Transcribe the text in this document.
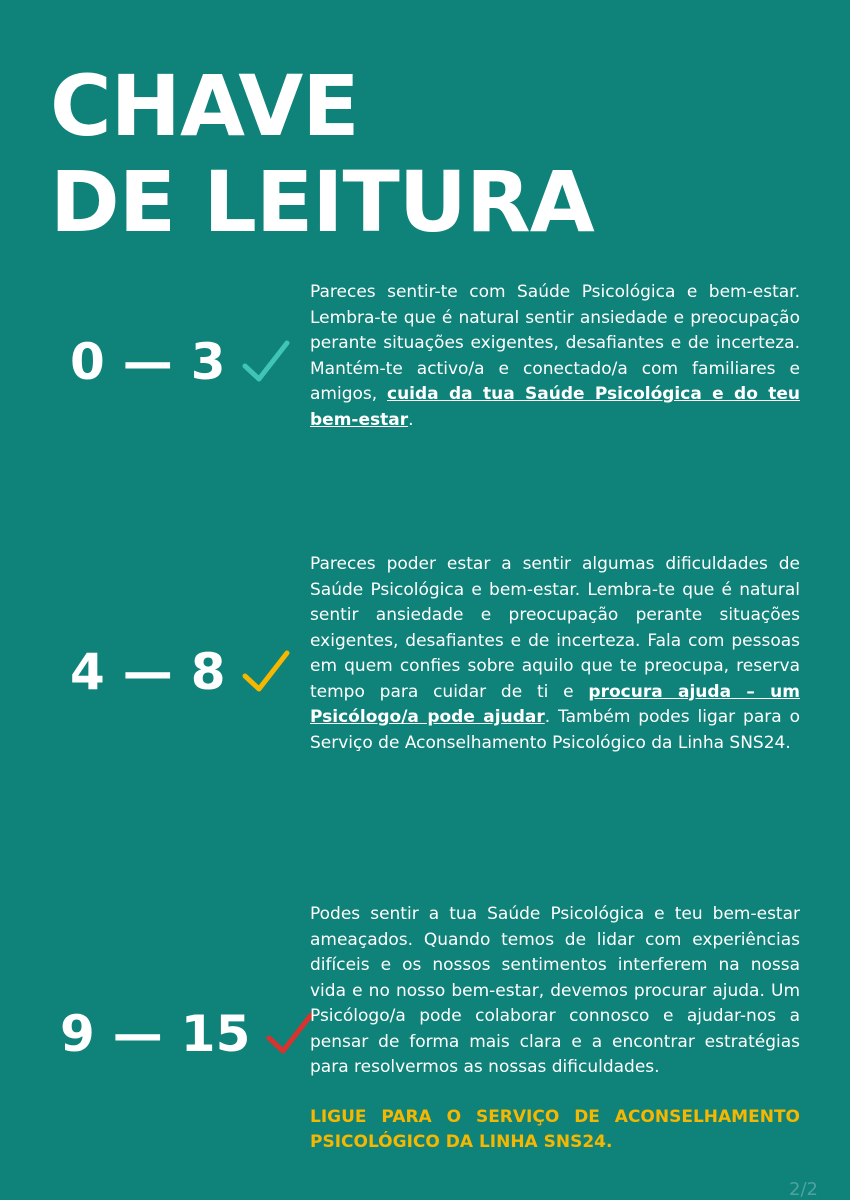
CHAVE
DE LEITURA
0 — 3

Pareces sentir-te com Saúde Psicológica e bem-estar. Lembra-te que é natural sentir ansiedade e preocupação perante situações exigentes, desafiantes e de incerteza. Mantém-te activo/a e conectado/a com familiares e amigos, cuida da tua Saúde Psicológica e do teu bem-estar.

4 — 8

Pareces poder estar a sentir algumas dificuldades de Saúde Psicológica e bem-estar. Lembra-te que é natural sentir ansiedade e preocupação perante situações exigentes, desafiantes e de incerteza. Fala com pessoas em quem confies sobre aquilo que te preocupa, reserva tempo para cuidar de ti e procura ajuda – um Psicólogo/a pode ajudar. Também podes ligar para o Serviço de Aconselhamento Psicológico da Linha SNS24.

9 — 15

Podes sentir a tua Saúde Psicológica e teu bem-estar ameaçados. Quando temos de lidar com experiências difíceis e os nossos sentimentos interferem na nossa vida e no nosso bem-estar, devemos procurar ajuda. Um Psicólogo/a pode colaborar connosco e ajudar-nos a pensar de forma mais clara e a encontrar estratégias para resolvermos as nossas dificuldades.

LIGUE PARA O SERVIÇO DE ACONSELHAMENTO PSICOLÓGICO DA LINHA SNS24.

2/2
